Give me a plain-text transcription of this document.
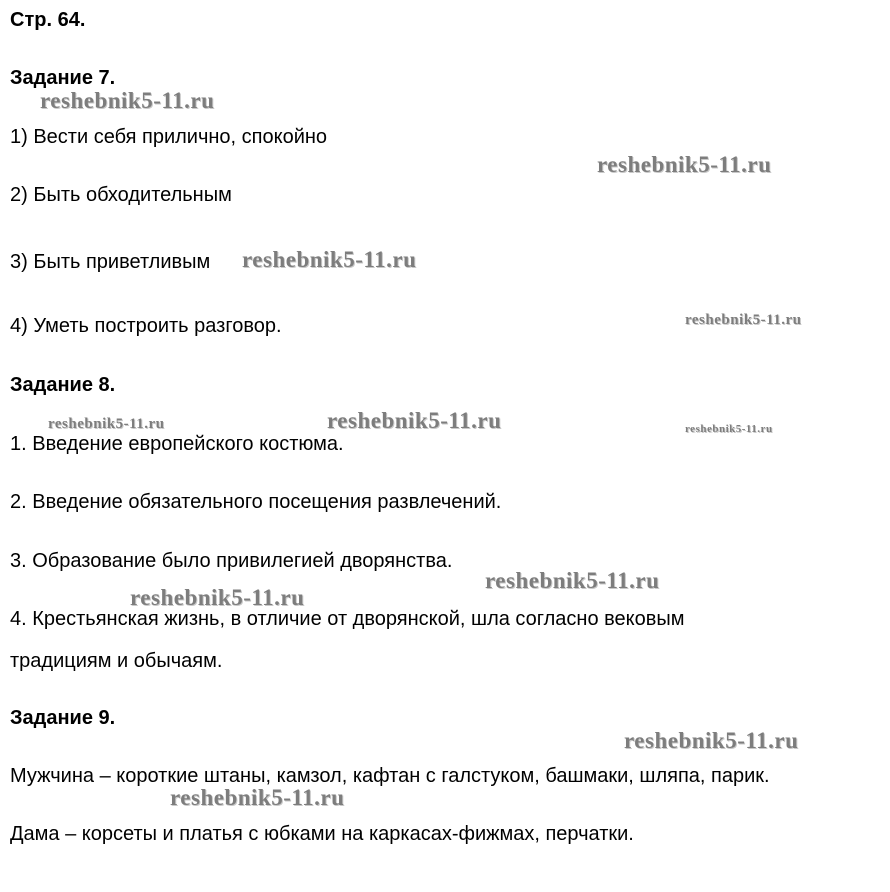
Стр. 64.
Задание 7.
1) Вести себя прилично, спокойно
2) Быть обходительным
3) Быть приветливым
4) Уметь построить разговор.
Задание 8.
1. Введение европейского костюма.
2. Введение обязательного посещения развлечений.
3. Образование было привилегией дворянства.
4. Крестьянская жизнь, в отличие от дворянской, шла согласно вековым
традициям и обычаям.
Задание 9.
Мужчина – короткие штаны, камзол, кафтан с галстуком, башмаки, шляпа, парик.
Дама – корсеты и платья с юбками на каркасах-фижмах, перчатки.
reshebnik5-11.ru
reshebnik5-11.ru
reshebnik5-11.ru
reshebnik5-11.ru
reshebnik5-11.ru	reshebnik5-11.ru	reshebnik5-11.ru
reshebnik5-11.ru
reshebnik5-11.ru
reshebnik5-11.ru
reshebnik5-11.ru
